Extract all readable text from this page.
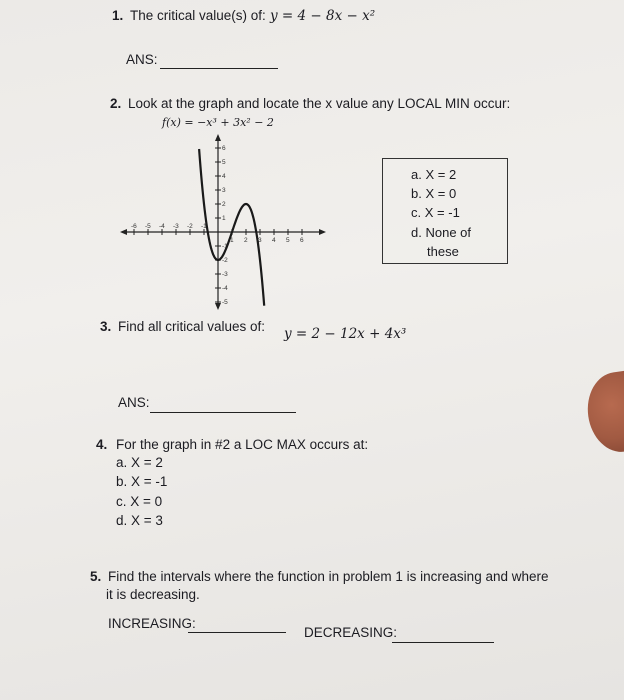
1. The critical value(s) of: y = 4 − 8x − x²
ANS:
2. Look at the graph and locate the x value any LOCAL MIN occur:
f(x) = −x³ + 3x² − 2
-6 -5 -4 -3 -2 -1
1 2 3 4 5 6
6
5
4
3
2
1
-1
-2
-3
-4
-5
a. X = 2
b. X = 0
c. X = -1
d. None of
these
3. Find all critical values of: y = 2 − 12x + 4x³
ANS:
4. For the graph in #2 a LOC MAX occurs at:
a. X = 2
b. X = -1
c. X = 0
d. X = 3
5. Find the intervals where the function in problem 1 is increasing and where
it is decreasing.
INCREASING:
DECREASING:
